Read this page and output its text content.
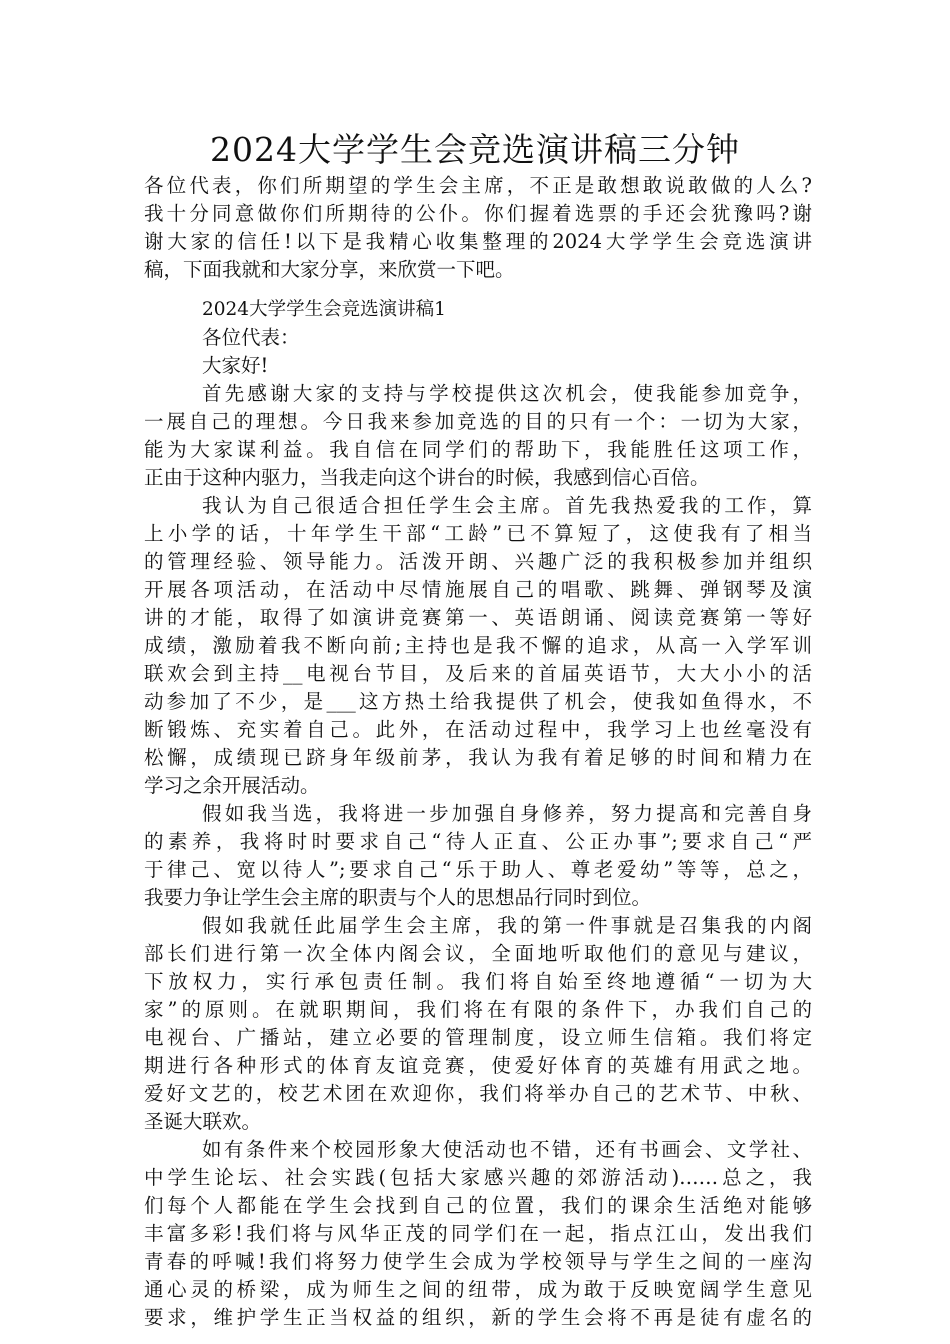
2024大学学生会竞选演讲稿三分钟
各位代表，你们所期望的学生会主席，不正是敢想敢说敢做的人么?
我十分同意做你们所期待的公仆。你们握着选票的手还会犹豫吗?谢
谢大家的信任!以下是我精心收集整理的2024大学学生会竞选演讲
稿，下面我就和大家分享，来欣赏一下吧。
2024大学学生会竞选演讲稿1
各位代表：
大家好!
首先感谢大家的支持与学校提供这次机会，使我能参加竞争，
一展自己的理想。今日我来参加竞选的目的只有一个：一切为大家，
能为大家谋利益。我自信在同学们的帮助下，我能胜任这项工作，
正由于这种内驱力，当我走向这个讲台的时候，我感到信心百倍。
我认为自己很适合担任学生会主席。首先我热爱我的工作，算
上小学的话，十年学生干部“工龄”已不算短了，这使我有了相当
的管理经验、领导能力。活泼开朗、兴趣广泛的我积极参加并组织
开展各项活动，在活动中尽情施展自己的唱歌、跳舞、弹钢琴及演
讲的才能，取得了如演讲竞赛第一、英语朗诵、阅读竞赛第一等好
成绩，激励着我不断向前;主持也是我不懈的追求，从高一入学军训
联欢会到主持__电视台节目，及后来的首届英语节，大大小小的活
动参加了不少，是___这方热土给我提供了机会，使我如鱼得水，不
断锻炼、充实着自己。此外，在活动过程中，我学习上也丝毫没有
松懈，成绩现已跻身年级前茅，我认为我有着足够的时间和精力在
学习之余开展活动。
假如我当选，我将进一步加强自身修养，努力提高和完善自身
的素养，我将时时要求自己“待人正直、公正办事”;要求自己“严
于律己、宽以待人”;要求自己“乐于助人、尊老爱幼”等等，总之，
我要力争让学生会主席的职责与个人的思想品行同时到位。
假如我就任此届学生会主席，我的第一件事就是召集我的内阁
部长们进行第一次全体内阁会议，全面地听取他们的意见与建议，
下放权力，实行承包责任制。我们将自始至终地遵循“一切为大
家”的原则。在就职期间，我们将在有限的条件下，办我们自己的
电视台、广播站，建立必要的管理制度，设立师生信箱。我们将定
期进行各种形式的体育友谊竞赛，使爱好体育的英雄有用武之地。
爱好文艺的，校艺术团在欢迎你，我们将举办自己的艺术节、中秋、
圣诞大联欢。
如有条件来个校园形象大使活动也不错，还有书画会、文学社、
中学生论坛、社会实践(包括大家感兴趣的郊游活动)……总之，我
们每个人都能在学生会找到自己的位置，我们的课余生活绝对能够
丰富多彩!我们将与风华正茂的同学们在一起，指点江山，发出我们
青春的呼喊!我们将努力使学生会成为学校领导与学生之间的一座沟
通心灵的桥梁，成为师生之间的纽带，成为敢于反映宽阔学生意见
要求，维护学生正当权益的组织，新的学生会将不再是徒有虚名的
